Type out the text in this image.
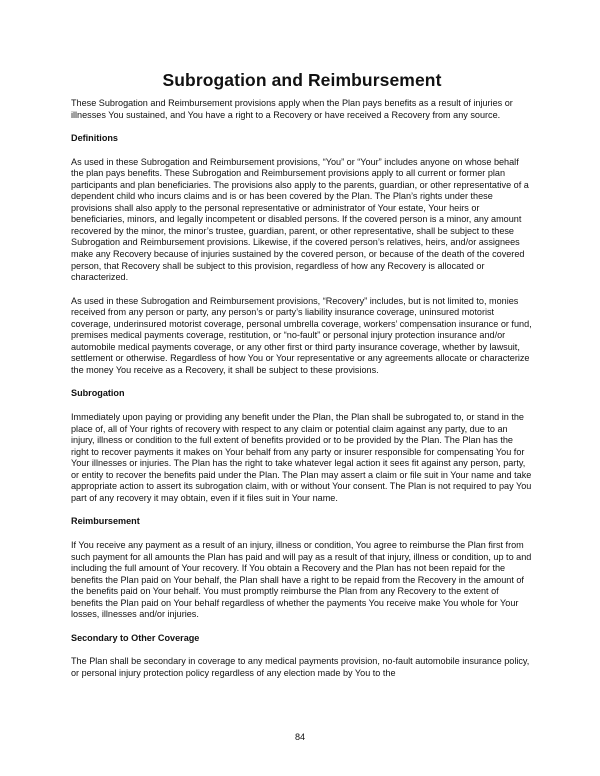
Subrogation and Reimbursement

These Subrogation and Reimbursement provisions apply when the Plan pays benefits as a result of injuries or illnesses You sustained, and You have a right to a Recovery or have received a Recovery from any source.

Definitions

As used in these Subrogation and Reimbursement provisions, “You” or “Your” includes anyone on whose behalf the plan pays benefits. These Subrogation and Reimbursement provisions apply to all current or former plan participants and plan beneficiaries. The provisions also apply to the parents, guardian, or other representative of a dependent child who incurs claims and is or has been covered by the Plan. The Plan’s rights under these provisions shall also apply to the personal representative or administrator of Your estate, Your heirs or beneficiaries, minors, and legally incompetent or disabled persons. If the covered person is a minor, any amount recovered by the minor, the minor’s trustee, guardian, parent, or other representative, shall be subject to these Subrogation and Reimbursement provisions. Likewise, if the covered person’s relatives, heirs, and/or assignees make any Recovery because of injuries sustained by the covered person, or because of the death of the covered person, that Recovery shall be subject to this provision, regardless of how any Recovery is allocated or characterized.

As used in these Subrogation and Reimbursement provisions, “Recovery” includes, but is not limited to, monies received from any person or party, any person’s or party’s liability insurance coverage, uninsured motorist coverage, underinsured motorist coverage, personal umbrella coverage, workers’ compensation insurance or fund, premises medical payments coverage, restitution, or “no-fault” or personal injury protection insurance and/or automobile medical payments coverage, or any other first or third party insurance coverage, whether by lawsuit, settlement or otherwise. Regardless of how You or Your representative or any agreements allocate or characterize the money You receive as a Recovery, it shall be subject to these provisions.

Subrogation

Immediately upon paying or providing any benefit under the Plan, the Plan shall be subrogated to, or stand in the place of, all of Your rights of recovery with respect to any claim or potential claim against any party, due to an injury, illness or condition to the full extent of benefits provided or to be provided by the Plan. The Plan has the right to recover payments it makes on Your behalf from any party or insurer responsible for compensating You for Your illnesses or injuries. The Plan has the right to take whatever legal action it sees fit against any person, party, or entity to recover the benefits paid under the Plan. The Plan may assert a claim or file suit in Your name and take appropriate action to assert its subrogation claim, with or without Your consent. The Plan is not required to pay You part of any recovery it may obtain, even if it files suit in Your name.

Reimbursement

If You receive any payment as a result of an injury, illness or condition, You agree to reimburse the Plan first from such payment for all amounts the Plan has paid and will pay as a result of that injury, illness or condition, up to and including the full amount of Your recovery. If You obtain a Recovery and the Plan has not been repaid for the benefits the Plan paid on Your behalf, the Plan shall have a right to be repaid from the Recovery in the amount of the benefits paid on Your behalf. You must promptly reimburse the Plan from any Recovery to the extent of benefits the Plan paid on Your behalf regardless of whether the payments You receive make You whole for Your losses, illnesses and/or injuries.

Secondary to Other Coverage

The Plan shall be secondary in coverage to any medical payments provision, no-fault automobile insurance policy, or personal injury protection policy regardless of any election made by You to the

84
